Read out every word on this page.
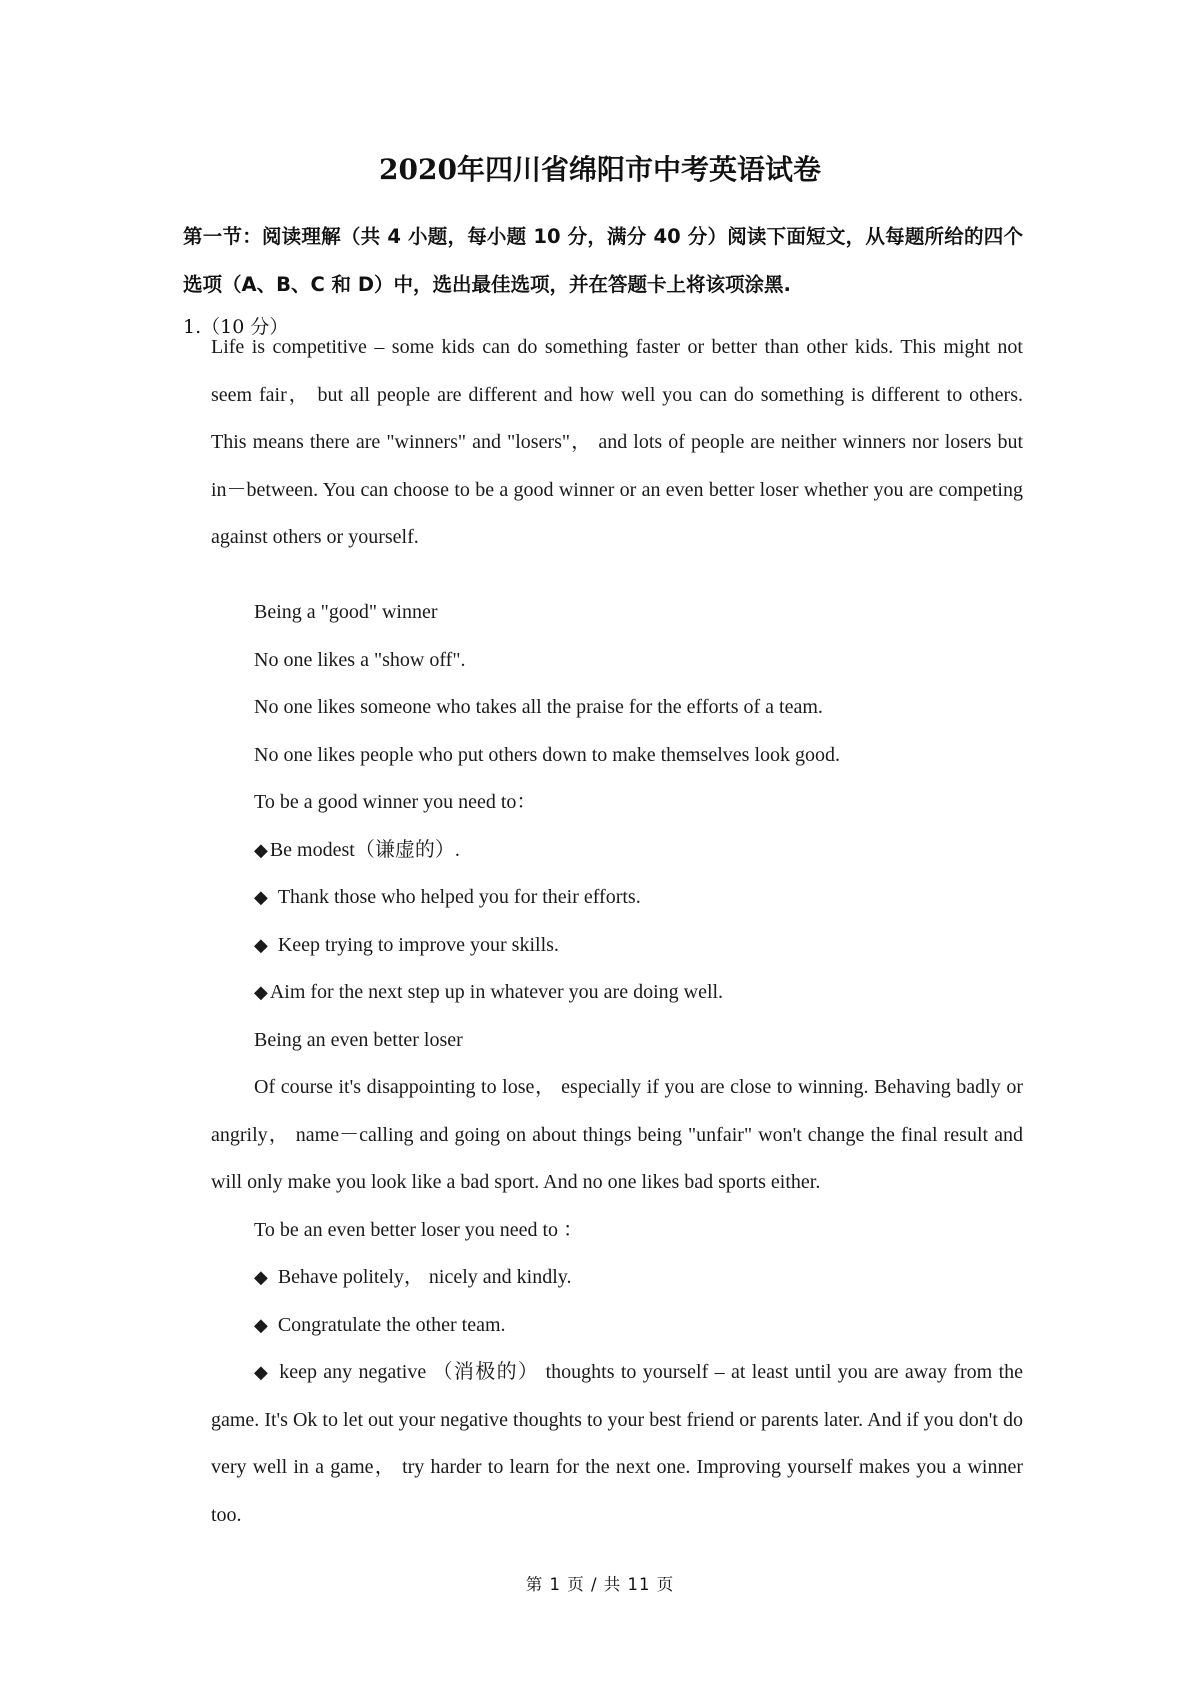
2020年四川省绵阳市中考英语试卷
第一节：阅读理解（共 4 小题，每小题 10 分，满分 40 分）阅读下面短文，从每题所给的四个选项（A、B、C 和 D）中，选出最佳选项，并在答题卡上将该项涂黑.
1.（10 分）

Life is competitive – some kids can do something faster or better than other kids. This might not seem fair， but all people are different and how well you can do something is different to others. This means there are "winners" and "losers"， and lots of people are neither winners nor losers but in－between. You can choose to be a good winner or an even better loser whether you are competing against others or yourself.

Being a "good" winner

No one likes a "show off".

No one likes someone who takes all the praise for the efforts of a team.

No one likes people who put others down to make themselves look good.

To be a good winner you need to：

◆ Be modest（谦虚的）.

◆ Thank those who helped you for their efforts.

◆ Keep trying to improve your skills.

◆ Aim for the next step up in whatever you are doing well.

Being an even better loser

Of course it's disappointing to lose， especially if you are close to winning. Behaving badly or angrily， name－calling and going on about things being "unfair" won't change the final result and will only make you look like a bad sport. And no one likes bad sports either.

To be an even better loser you need to ：

◆ Behave politely， nicely and kindly.

◆ Congratulate the other team.

◆ keep any negative （消极的） thoughts to yourself – at least until you are away from the game. It's Ok to let out your negative thoughts to your best friend or parents later. And if you don't do very well in a game， try harder to learn for the next one. Improving yourself makes you a winner too.

第 1 页 / 共 11 页
